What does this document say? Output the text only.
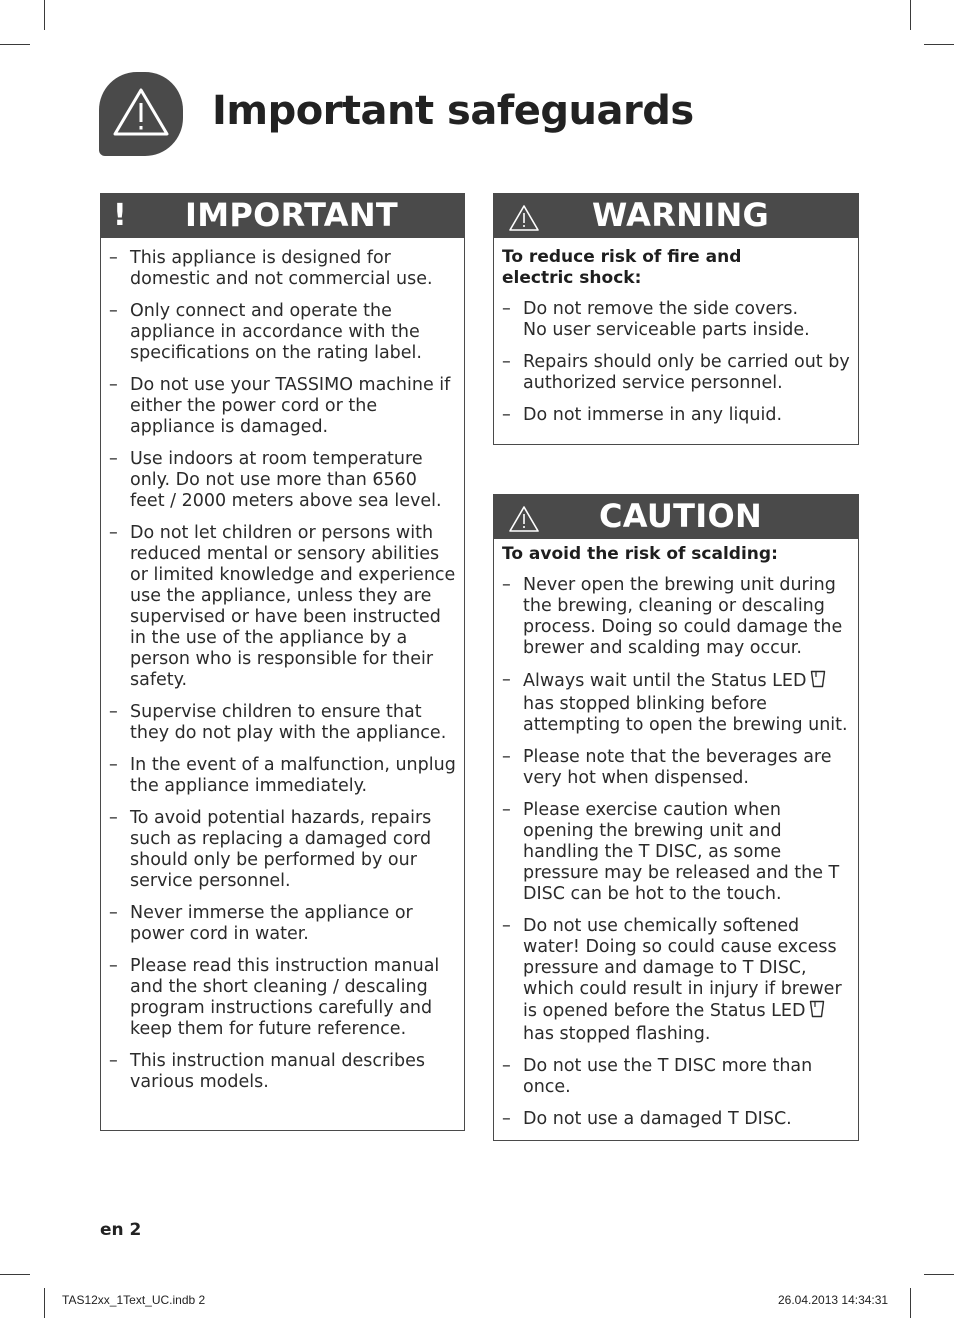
Important safeguards
! IMPORTANT
– This appliance is designed for domestic and not commercial use.
– Only connect and operate the appliance in accordance with the specifications on the rating label.
– Do not use your TASSIMO machine if either the power cord or the appliance is damaged.
– Use indoors at room temperature only. Do not use more than 6560 feet / 2000 meters above sea level.
– Do not let children or persons with reduced mental or sensory abilities or limited knowledge and experience use the appliance, unless they are supervised or have been instructed in the use of the appliance by a person who is responsible for their safety.
– Supervise children to ensure that they do not play with the appliance.
– In the event of a malfunction, unplug the appliance immediately.
– To avoid potential hazards, repairs such as replacing a damaged cord should only be performed by our service personnel.
– Never immerse the appliance or power cord in water.
– Please read this instruction manual and the short cleaning / descaling program instructions carefully and keep them for future reference.
– This instruction manual describes various models.
WARNING

To reduce risk of fire and electric shock:

– Do not remove the side covers. No user serviceable parts inside.
– Repairs should only be carried out by authorized service personnel.
– Do not immerse in any liquid.
CAUTION

To avoid the risk of scalding:

– Never open the brewing unit during the brewing, cleaning or descaling process. Doing so could damage the brewer and scalding may occur.
– Always wait until the Status LED has stopped blinking before attempting to open the brewing unit.
– Please note that the beverages are very hot when dispensed.
– Please exercise caution when opening the brewing unit and handling the T DISC, as some pressure may be released and the T DISC can be hot to the touch.
– Do not use chemically softened water! Doing so could cause excess pressure and damage to T DISC, which could result in injury if brewer is opened before the Status LED has stopped flashing.
– Do not use the T DISC more than once.
– Do not use a damaged T DISC.
en 2
TAS12xx_1Text_UC.indb 2	26.04.2013 14:34:31
